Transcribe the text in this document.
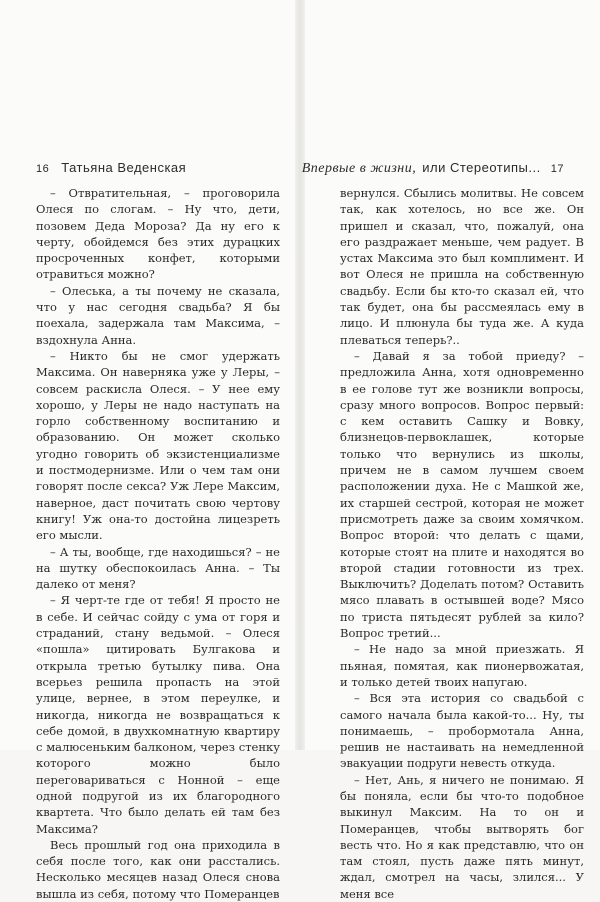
16 Татьяна Веденская	Впервые в жизни, или Стереотипы... 17

– Отвратительная, – проговорила Олеся по слогам. – Ну что, дети, позовем Деда Мороза? Да ну его к черту, обойдемся без этих дурацких просроченных конфет, которыми отравиться можно?

– Олеська, а ты почему не сказала, что у нас сегодня свадьба? Я бы поехала, задержала там Максима, – вздохнула Анна.

– Никто бы не смог удержать Максима. Он наверняка уже у Леры, – совсем раскисла Олеся. – У нее ему хорошо, у Леры не надо наступать на горло собственному воспитанию и образованию. Он может сколько угодно говорить об экзистенциализме и постмодернизме. Или о чем там они говорят после секса? Уж Лере Максим, наверное, даст почитать свою чертову книгу! Уж она-то достойна лицезреть его мысли.

– А ты, вообще, где находишься? – не на шутку обеспокоилась Анна. – Ты далеко от меня?

– Я черт-те где от тебя! Я просто не в себе. И сейчас сойду с ума от горя и страданий, стану ведьмой. – Олеся «пошла» цитировать Булгакова и открыла третью бутылку пива. Она всерьез решила пропасть на этой улице, вернее, в этом переулке, и никогда, никогда не возвращаться к себе домой, в двухкомнатную квартиру с малюсеньким балконом, через стенку которого можно было переговариваться с Нонной – еще одной подругой из их благородного квартета. Что было делать ей там без Максима?

Весь прошлый год она приходила в себя после того, как они расстались. Несколько месяцев назад Олеся снова вышла из себя, потому что Померанцев

вернулся. Сбылись молитвы. Не совсем так, как хотелось, но все же. Он пришел и сказал, что, пожалуй, она его раздражает меньше, чем радует. В устах Максима это был комплимент. И вот Олеся не пришла на собственную свадьбу. Если бы кто-то сказал ей, что так будет, она бы рассмеялась ему в лицо. И плюнула бы туда же. А куда плеваться теперь?..

– Давай я за тобой приеду? – предложила Анна, хотя одновременно в ее голове тут же возникли вопросы, сразу много вопросов. Вопрос первый: с кем оставить Сашку и Вовку, близнецов-первоклашек, которые только что вернулись из школы, причем не в самом лучшем своем расположении духа. Не с Машкой же, их старшей сестрой, которая не может присмотреть даже за своим хомячком. Вопрос второй: что делать с щами, которые стоят на плите и находятся во второй стадии готовности из трех. Выключить? Доделать потом? Оставить мясо плавать в остывшей воде? Мясо по триста пятьдесят рублей за кило? Вопрос третий...

– Не надо за мной приезжать. Я пьяная, помятая, как пионервожатая, и только детей твоих напугаю.

– Вся эта история со свадьбой с самого начала была какой-то... Ну, ты понимаешь, – пробормотала Анна, решив не настаивать на немедленной эвакуации подруги невесть откуда.

– Нет, Ань, я ничего не понимаю. Я бы поняла, если бы что-то подобное выкинул Максим. На то он и Померанцев, чтобы вытворять бог весть что. Но я как представлю, что он там стоял, пусть даже пять минут, ждал, смотрел на часы, злился... У меня все
